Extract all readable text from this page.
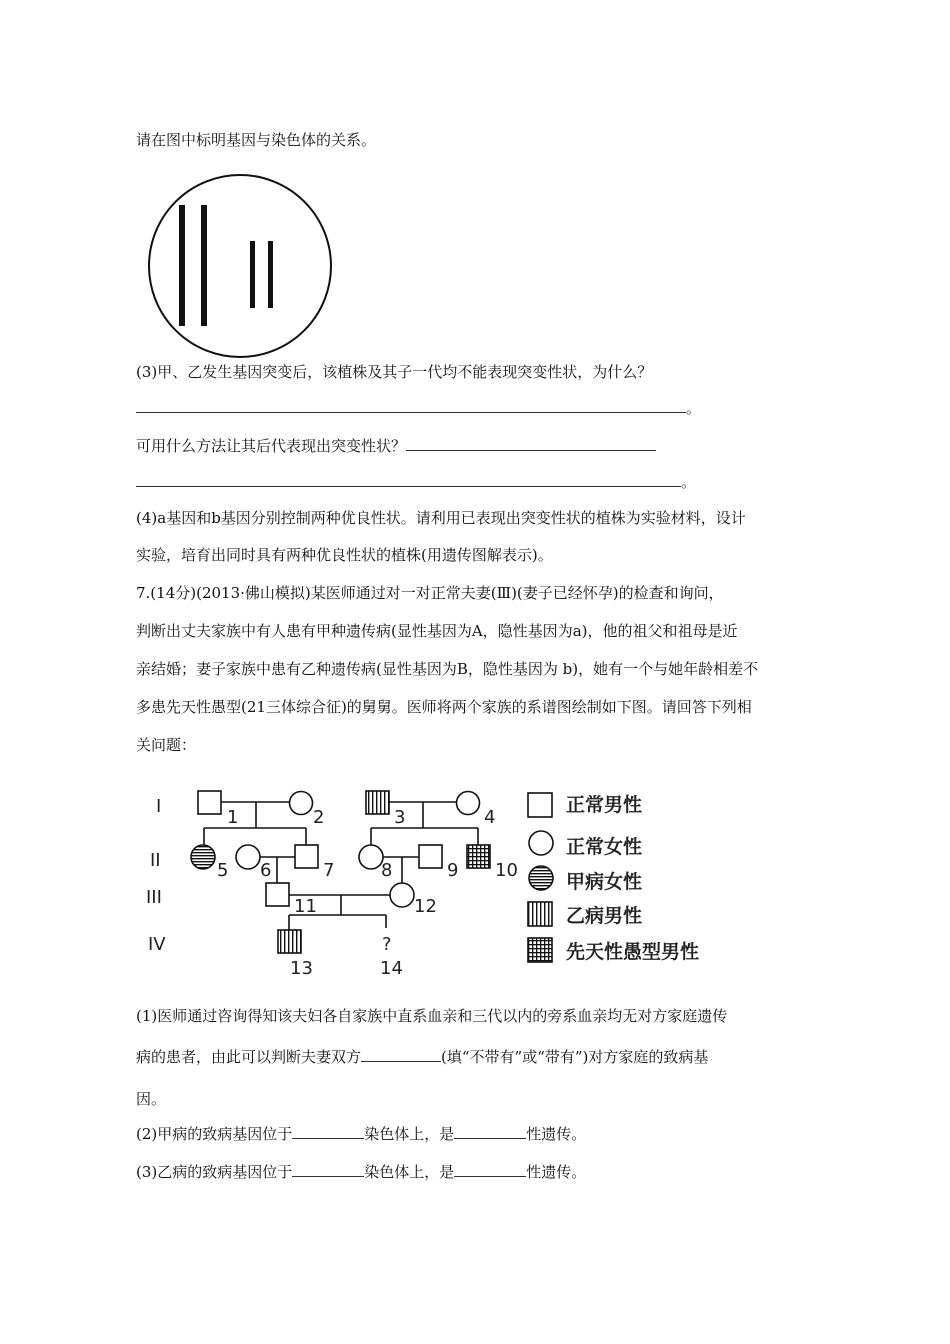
请在图中标明基因与染色体的关系。
I
II
III
IV
1	2	3	4
5 6	7	8	9 10
11	12
13
?
14
正常男性
正常女性
甲病女性
乙病男性
先天性愚型男性
(3)甲、乙发生基因突变后，该植株及其子一代均不能表现突变性状，为什么？
。
可用什么方法让其后代表现出突变性状？
。
(4)a基因和b基因分别控制两种优良性状。请利用已表现出突变性状的植株为实验材料，设计
实验，培育出同时具有两种优良性状的植株(用遗传图解表示)。
7.(14分)(2013·佛山模拟)某医师通过对一对正常夫妻(Ⅲ)(妻子已经怀孕)的检查和询问，
判断出丈夫家族中有人患有甲种遗传病(显性基因为A，隐性基因为a)，他的祖父和祖母是近
亲结婚；妻子家族中患有乙种遗传病(显性基因为B，隐性基因为 b)，她有一个与她年龄相差不
多患先天性愚型(21三体综合征)的舅舅。医师将两个家族的系谱图绘制如下图。请回答下列相
关问题：
(1)医师通过咨询得知该夫妇各自家族中直系血亲和三代以内的旁系血亲均无对方家庭遗传
病的患者，由此可以判断夫妻双方	(填“不带有”或“带有”)对方家庭的致病基
因。
(2)甲病的致病基因位于	染色体上，是	性遗传。
(3)乙病的致病基因位于	染色体上，是	性遗传。
